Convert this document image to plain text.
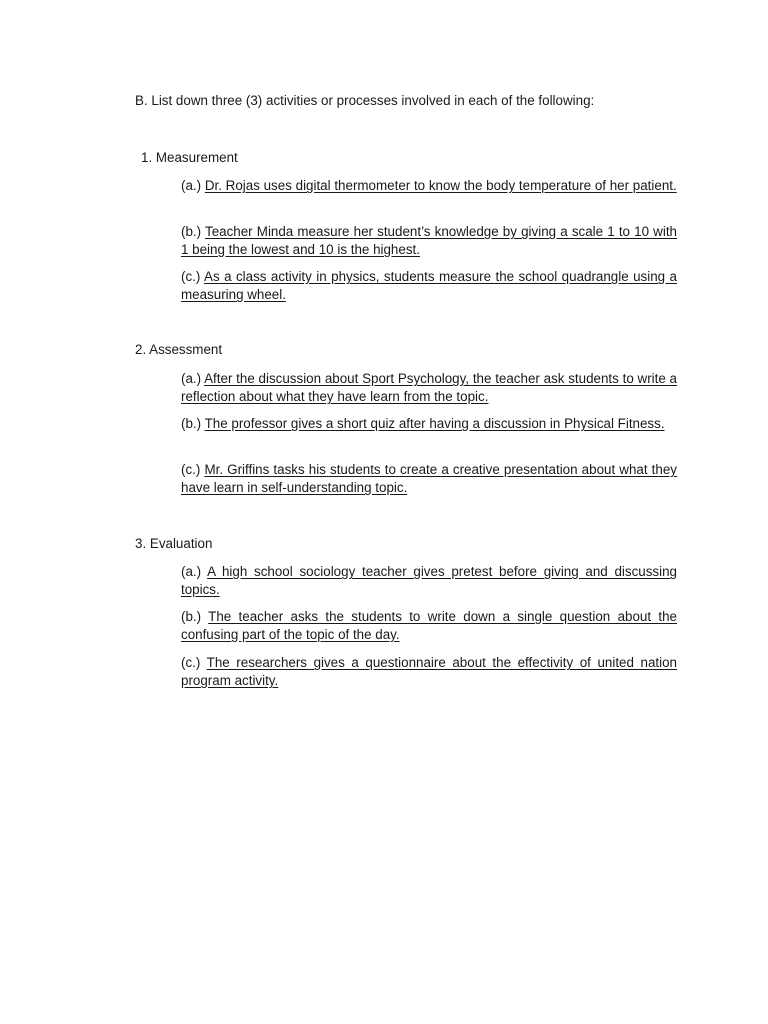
B. List down three (3) activities or processes involved in each of the following:
1. Measurement
(a.) Dr. Rojas uses digital thermometer to know the body temperature of her patient.
(b.) Teacher Minda measure her student’s knowledge by giving a scale 1 to 10 with 1 being the lowest and 10 is the highest.
(c.) As a class activity in physics, students measure the school quadrangle using a measuring wheel.
2. Assessment
(a.) After the discussion about Sport Psychology, the teacher ask students to write a reflection about what they have learn from the topic.
(b.) The professor gives a short quiz after having a discussion in Physical Fitness.
(c.) Mr. Griffins tasks his students to create a creative presentation about what they have learn in self-understanding topic.
3. Evaluation
(a.) A high school sociology teacher gives pretest before giving and discussing topics.
(b.) The teacher asks the students to write down a single question about the confusing part of the topic of the day.
(c.) The researchers gives a questionnaire about the effectivity of united nation program activity.
